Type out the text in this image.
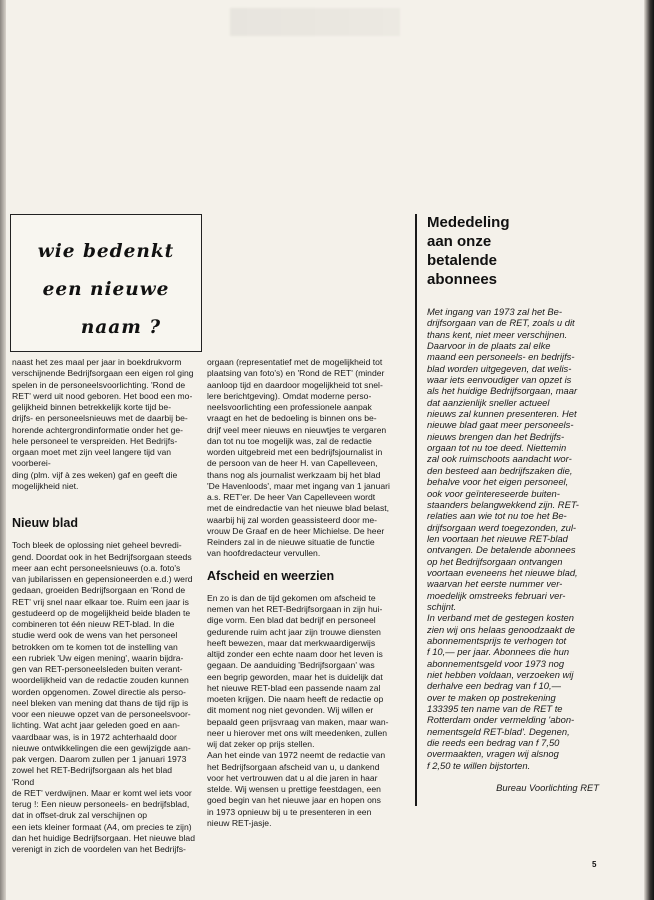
wie bedenkt
een nieuwe
naam ?

naast het zes maal per jaar in boekdrukvorm
verschijnende Bedrijfsorgaan een eigen rol ging
spelen in de personeelsvoorlichting. 'Rond de
RET' werd uit nood geboren. Het bood een mo-
gelijkheid binnen betrekkelijk korte tijd be-
drijfs- en personeelsnieuws met de daarbij be-
horende achtergrondinformatie onder het ge-
hele personeel te verspreiden. Het Bedrijfs-
orgaan moet met zijn veel langere tijd van voorberei-
ding (plm. vijf à zes weken) gaf en geeft die
mogelijkheid niet.

Nieuw blad

Toch bleek de oplossing niet geheel bevredi-
gend. Doordat ook in het Bedrijfsorgaan steeds
meer aan echt personeelsnieuws (o.a. foto's
van jubilarissen en gepensioneerden e.d.) werd
gedaan, groeiden Bedrijfsorgaan en 'Rond de
RET' vrij snel naar elkaar toe. Ruim een jaar is
gestudeerd op de mogelijkheid beide bladen te
combineren tot één nieuw RET-blad. In die
studie werd ook de wens van het personeel
betrokken om te komen tot de instelling van
een rubriek 'Uw eigen mening', waarin bijdra-
gen van RET-personeelsleden buiten verant-
woordelijkheid van de redactie zouden kunnen
worden opgenomen. Zowel directie als perso-
neel bleken van mening dat thans de tijd rijp is
voor een nieuwe opzet van de personeelsvoor-
lichting. Wat acht jaar geleden goed en aan-
vaardbaar was, is in 1972 achterhaald door
nieuwe ontwikkelingen die een gewijzigde aan-
pak vergen. Daarom zullen per 1 januari 1973
zowel het RET-Bedrijfsorgaan als het blad 'Rond
de RET' verdwijnen. Maar er komt wel iets voor
terug !: Een nieuw personeels- en bedrijfsblad,
dat in offset-druk zal verschijnen op
een iets kleiner formaat (A4, om precies te zijn)
dan het huidige Bedrijfsorgaan. Het nieuwe blad
verenigt in zich de voordelen van het Bedrijfs-

orgaan (representatief met de mogelijkheid tot
plaatsing van foto's) en 'Rond de RET' (minder
aanloop tijd en daardoor mogelijkheid tot snel-
lere berichtgeving). Omdat moderne perso-
neelsvoorlichting een professionele aanpak
vraagt en het de bedoeling is binnen ons be-
drijf veel meer nieuws en nieuwtjes te vergaren
dan tot nu toe mogelijk was, zal de redactie
worden uitgebreid met een bedrijfsjournalist in
de persoon van de heer H. van Capelleveen,
thans nog als journalist werkzaam bij het blad
'De Havenloods', maar met ingang van 1 januari
a.s. RET'er. De heer Van Capelleveen wordt
met de eindredactie van het nieuwe blad belast,
waarbij hij zal worden geassisteerd door me-
vrouw De Graaf en de heer Michielse. De heer
Reinders zal in de nieuwe situatie de functie
van hoofdredacteur vervullen.

Afscheid en weerzien

En zo is dan de tijd gekomen om afscheid te
nemen van het RET-Bedrijfsorgaan in zijn hui-
dige vorm. Een blad dat bedrijf en personeel
gedurende ruim acht jaar zijn trouwe diensten
heeft bewezen, maar dat merkwaardigerwijs
altijd zonder een echte naam door het leven is
gegaan. De aanduiding 'Bedrijfsorgaan' was
een begrip geworden, maar het is duidelijk dat
het nieuwe RET-blad een passende naam zal
moeten krijgen. Die naam heeft de redactie op
dit moment nog niet gevonden. Wij willen er
bepaald geen prijsvraag van maken, maar wan-
neer u hierover met ons wilt meedenken, zullen
wij dat zeker op prijs stellen.
Aan het einde van 1972 neemt de redactie van
het Bedrijfsorgaan afscheid van u, u dankend
voor het vertrouwen dat u al die jaren in haar
stelde. Wij wensen u prettige feestdagen, een
goed begin van het nieuwe jaar en hopen ons
in 1973 opnieuw bij u te presenteren in een
nieuw RET-jasje.

Mededeling
aan onze
betalende
abonnees

Met ingang van 1973 zal het Be-
drijfsorgaan van de RET, zoals u dit
thans kent, niet meer verschijnen.
Daarvoor in de plaats zal elke
maand een personeels- en bedrijfs-
blad worden uitgegeven, dat welis-
waar iets eenvoudiger van opzet is
als het huidige Bedrijfsorgaan, maar
dat aanzienlijk sneller actueel
nieuws zal kunnen presenteren. Het
nieuwe blad gaat meer personeels-
nieuws brengen dan het Bedrijfs-
orgaan tot nu toe deed. Niettemin
zal ook ruimschoots aandacht wor-
den besteed aan bedrijfszaken die,
behalve voor het eigen personeel,
ook voor geïntereseerde buiten-
staanders belangwekkend zijn. RET-
relaties aan wie tot nu toe het Be-
drijfsorgaan werd toegezonden, zul-
len voortaan het nieuwe RET-blad
ontvangen. De betalende abonnees
op het Bedrijfsorgaan ontvangen
voortaan eveneens het nieuwe blad,
waarvan het eerste nummer ver-
moedelijk omstreeks februari ver-
schijnt.

In verband met de gestegen kosten
zien wij ons helaas genoodzaakt de
abonnementsprijs te verhogen tot
f 10,— per jaar. Abonnees die hun
abonnementsgeld voor 1973 nog
niet hebben voldaan, verzoeken wij
derhalve een bedrag van f 10,—
over te maken op postrekening
133395 ten name van de RET te
Rotterdam onder vermelding 'abon-
nementsgeld RET-blad'. Degenen,
die reeds een bedrag van f 7,50
overmaakten, vragen wij alsnog
f 2,50 te willen bijstorten.

Bureau Voorlichting RET
5
